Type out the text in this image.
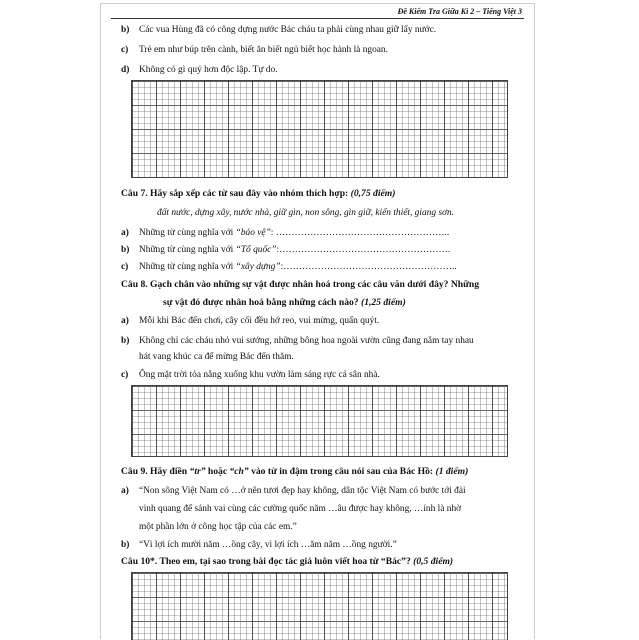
Đề Kiểm Tra Giữa Kì 2 – Tiếng Việt 3
b) Các vua Hùng đã có công dựng nước Bác cháu ta phải cùng nhau giữ lấy nước.
c) Trẻ em như búp trên cành, biết ăn biết ngủ biết học hành là ngoan.
d) Không có gì quý hơn độc lập. Tự do.
Câu 7. Hãy sắp xếp các từ sau đây vào nhóm thích hợp: (0,75 điểm)
đất nước, dựng xây, nước nhà, giữ gìn, non sông, gìn giữ, kiến thiết, giang sơn.
a) Những từ cùng nghĩa với “bảo vệ”: ………………………………………………..
b) Những từ cùng nghĩa với “Tổ quốc”:……………………………………………….
c) Những từ cùng nghĩa với “xây dựng”:………………………………………………..
Câu 8. Gạch chân vào những sự vật được nhân hoá trong các câu văn dưới đây? Những
sự vật đó được nhân hoá bằng những cách nào? (1,25 điểm)
a) Mỗi khi Bác đến chơi, cây cối đều hớ reo, vui mừng, quấn quýt.
b) Không chỉ các cháu nhỏ vui sướng, những bông hoa ngoài vườn cũng đang nắm tay nhau
hát vang khúc ca để mừng Bác đến thăm.
c) Ông mặt trời tỏa nắng xuống khu vườn làm sáng rực cả sân nhà.
Câu 9. Hãy điền “tr” hoặc “ch” vào từ in đậm trong câu nói sau của Bác Hồ: (1 điểm)
a) “Non sông Việt Nam có …ở nên tươi đẹp hay không, dân tộc Việt Nam có bước tới đài
vinh quang để sánh vai cùng các cường quốc năm …âu được hay không, …ính là nhờ
một phần lớn ở công học tập của các em.”
b) “Vì lợi ích mười năm …ồng cây, vì lợi ích …ăm năm …ồng người.”
Câu 10*. Theo em, tại sao trong bài đọc tác giả luôn viết hoa từ “Bác”? (0,5 điểm)
